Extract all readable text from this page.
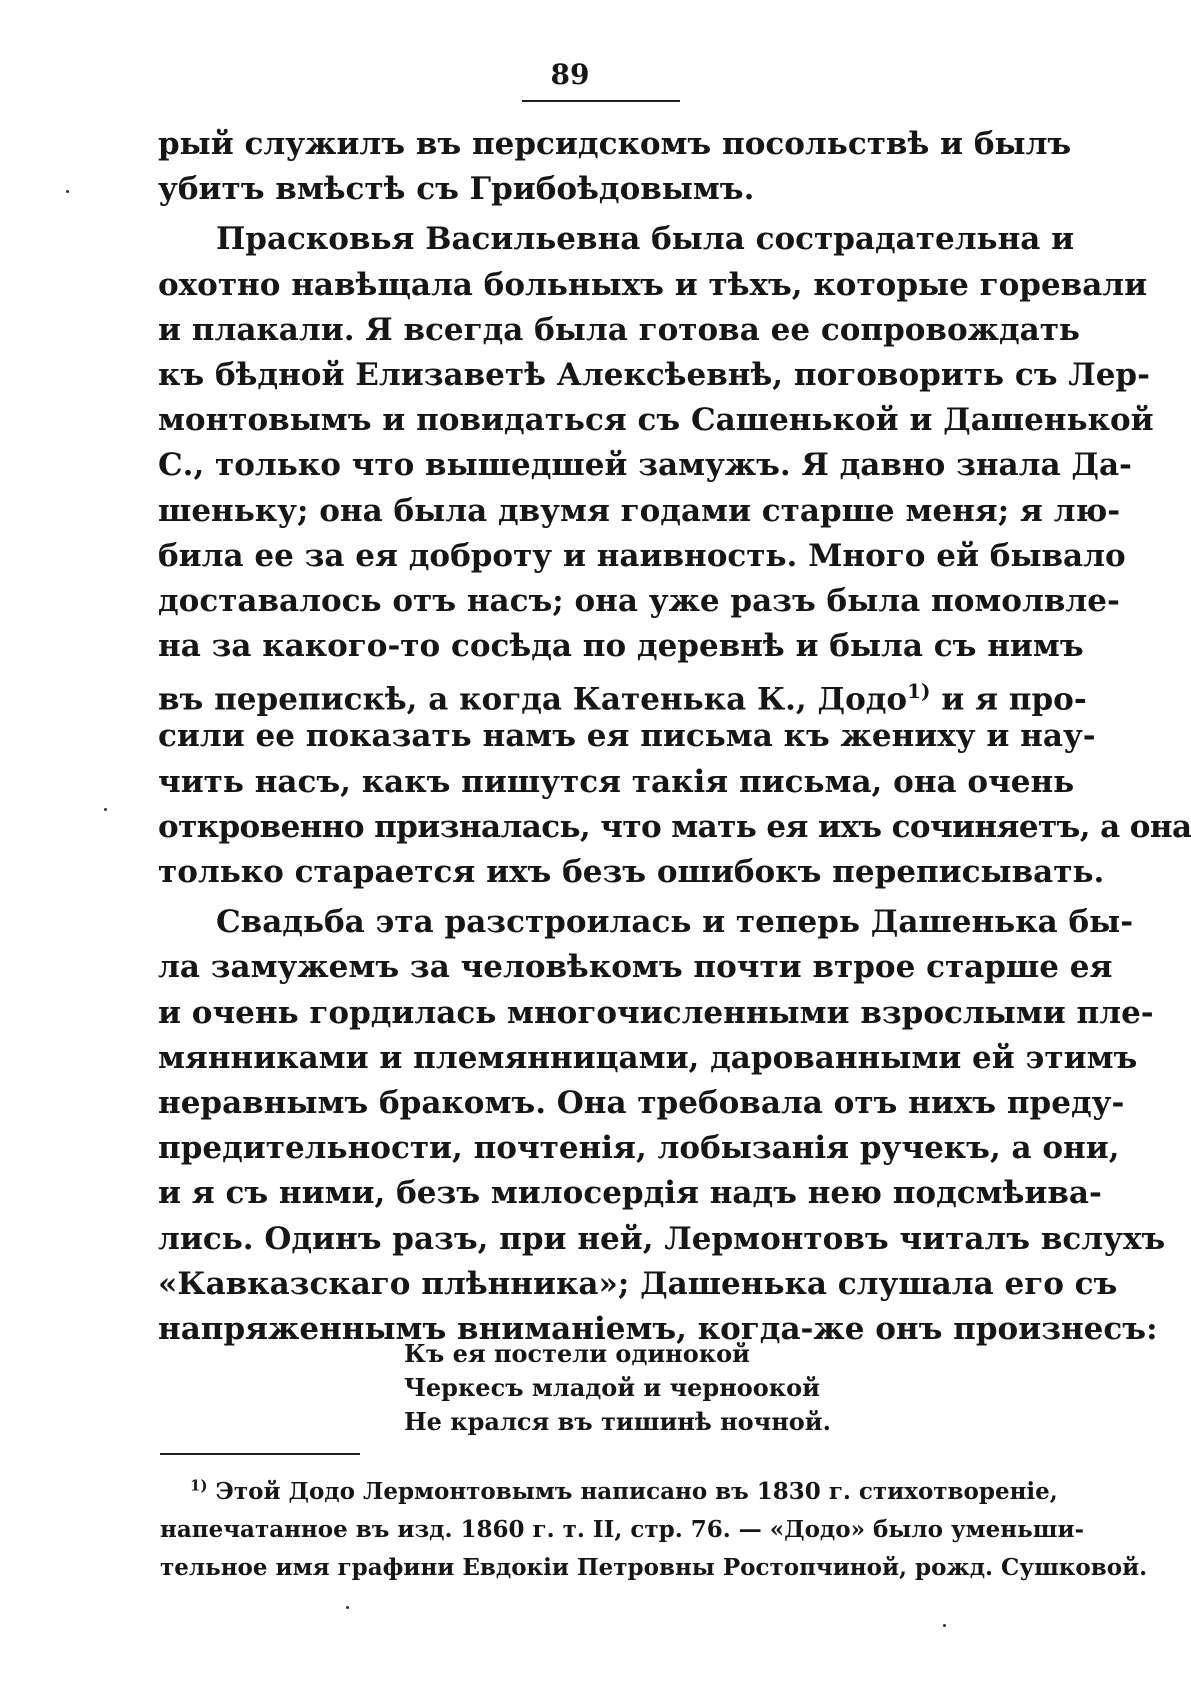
89
рый служилъ въ персидскомъ посольствѣ и былъ
убитъ вмѣстѣ съ Грибоѣдовымъ.
Прасковья Васильевна была сострадательна и
охотно навѣщала больныхъ и тѣхъ, которые горевали
и плакали. Я всегда была готова ее сопровождать
къ бѣдной Елизаветѣ Алексѣевнѣ, поговорить съ Лер-
монтовымъ и повидаться съ Сашенькой и Дашенькой
С., только что вышедшей замужъ. Я давно знала Да-
шеньку; она была двумя годами старше меня; я лю-
била ее за ея доброту и наивность. Много ей бывало
доставалось отъ насъ; она уже разъ была помолвле-
на за какого-то сосѣда по деревнѣ и была съ нимъ
въ перепискѣ, а когда Катенька К., Додо$^{1)}$ и я про-
сили ее показать намъ ея письма къ жениху и нау-
чить насъ, какъ пишутся такія письма, она очень
откровенно призналась, что мать ея ихъ сочиняетъ, а она
только старается ихъ безъ ошибокъ переписывать.
Свадьба эта разстроилась и теперь Дашенька бы-
ла замужемъ за человѣкомъ почти втрое старше ея
и очень гордилась многочисленными взрослыми пле-
мянниками и племянницами, дарованными ей этимъ
неравнымъ бракомъ. Она требовала отъ нихъ преду-
предительности, почтенія, лобызанія ручекъ, а они,
и я съ ними, безъ милосердія надъ нею подсмѣива-
лись. Одинъ разъ, при ней, Лермонтовъ читалъ вслухъ
«Кавказскаго плѣнника»; Дашенька слушала его съ
напряженнымъ вниманіемъ, когда-же онъ произнесъ:
Къ ея постели одинокой
Черкесъ младой и черноокой
Не крался въ тишинѣ ночной.
$^{1)}$ Этой Додо Лермонтовымъ написано въ 1830 г. стихотвореніе,
напечатанное въ изд. 1860 г. т. II, стр. 76. — «Додо» было уменьши-
тельное имя графини Евдокіи Петровны Ростопчиной, рожд. Сушковой.
